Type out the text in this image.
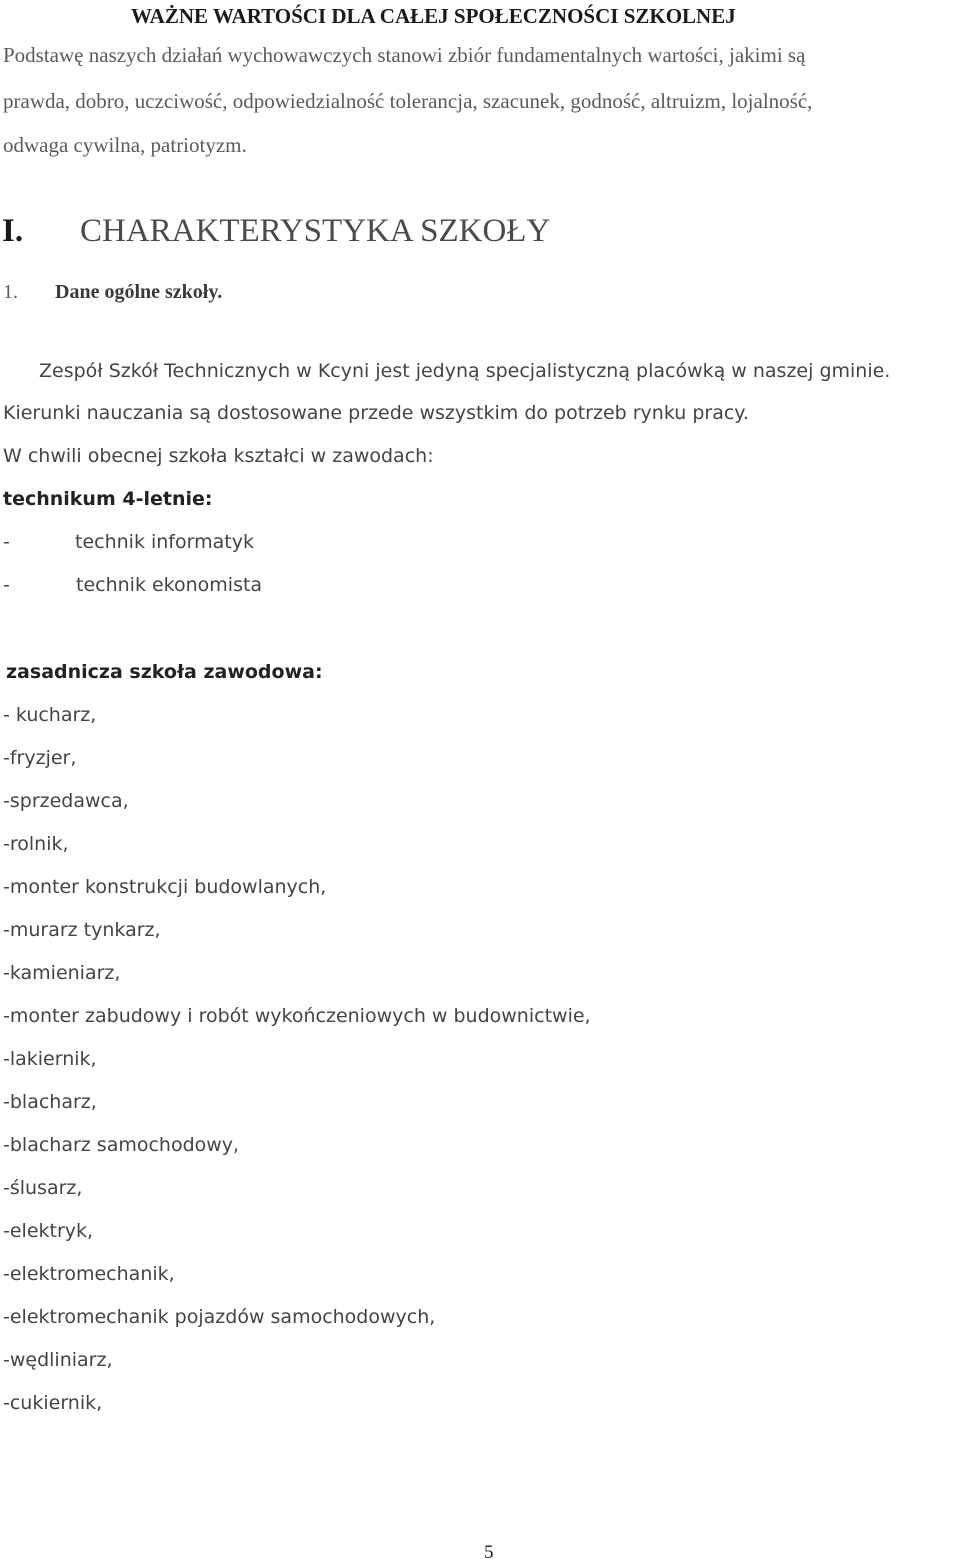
WAŻNE WARTOŚCI DLA CAŁEJ SPOŁECZNOŚCI SZKOLNEJ
Podstawę naszych działań wychowawczych stanowi zbiór fundamentalnych wartości, jakimi są
prawda, dobro, uczciwość, odpowiedzialność tolerancja, szacunek, godność, altruizm, lojalność,
odwaga cywilna, patriotyzm.
I. CHARAKTERYSTYKA SZKOŁY
1. Dane ogólne szkoły.
Zespół Szkół Technicznych w Kcyni jest jedyną specjalistyczną placówką w naszej gminie.
Kierunki nauczania są dostosowane przede wszystkim do potrzeb rynku pracy.
W chwili obecnej szkoła kształci w zawodach:
technikum 4-letnie:
-	technik informatyk
-	technik ekonomista
zasadnicza szkoła zawodowa:
- kucharz,
-fryzjer,
-sprzedawca,
-rolnik,
-monter konstrukcji budowlanych,
-murarz tynkarz,
-kamieniarz,
-monter zabudowy i robót wykończeniowych w budownictwie,
-lakiernik,
-blacharz,
-blacharz samochodowy,
-ślusarz,
-elektryk,
-elektromechanik,
-elektromechanik pojazdów samochodowych,
-wędliniarz,
-cukiernik,
5
